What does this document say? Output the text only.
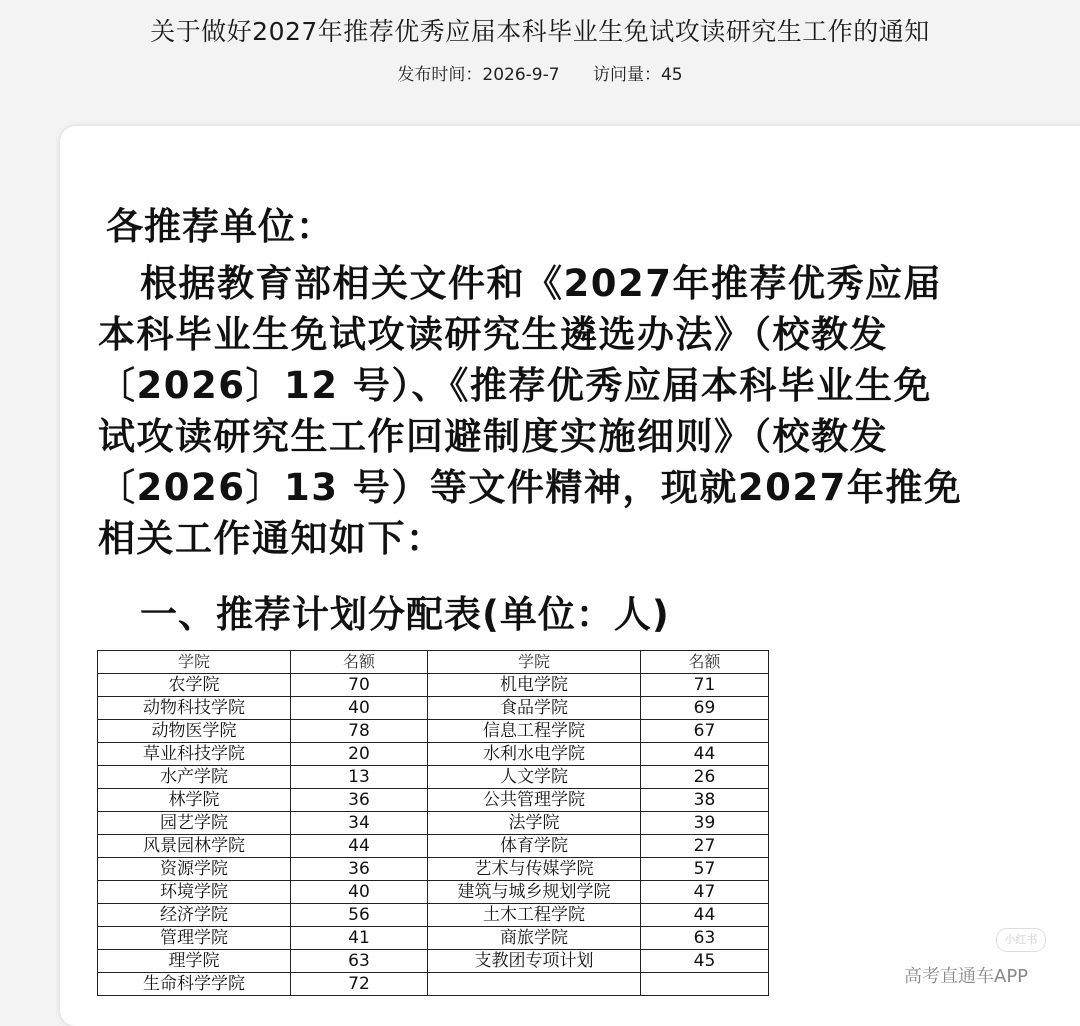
关于做好2027年推荐优秀应届本科毕业生免试攻读研究生工作的通知
发布时间：2026-9-7 访问量：45
各推荐单位：
根据教育部相关文件和《2027年推荐优秀应届
本科毕业生免试攻读研究生遴选办法》（校教发
〔2026〕12 号）、《推荐优秀应届本科毕业生免
试攻读研究生工作回避制度实施细则》（校教发
〔2026〕13 号）等文件精神，现就2027年推免
相关工作通知如下：
一、推荐计划分配表(单位：人)
学院	名额	学院	名额
农学院	70	机电学院	71
动物科技学院	40	食品学院	69
动物医学院	78	信息工程学院	67
草业科技学院	20	水利水电学院	44
水产学院	13	人文学院	26
林学院	36	公共管理学院	38
园艺学院	34	法学院	39
风景园林学院	44	体育学院	27
资源学院	36	艺术与传媒学院	57
环境学院	40	建筑与城乡规划学院	47
经济学院	56	土木工程学院	44
管理学院	41	商旅学院	63
理学院	63	支教团专项计划	45
生命科学学院	72		
小红书
高考直通车APP
